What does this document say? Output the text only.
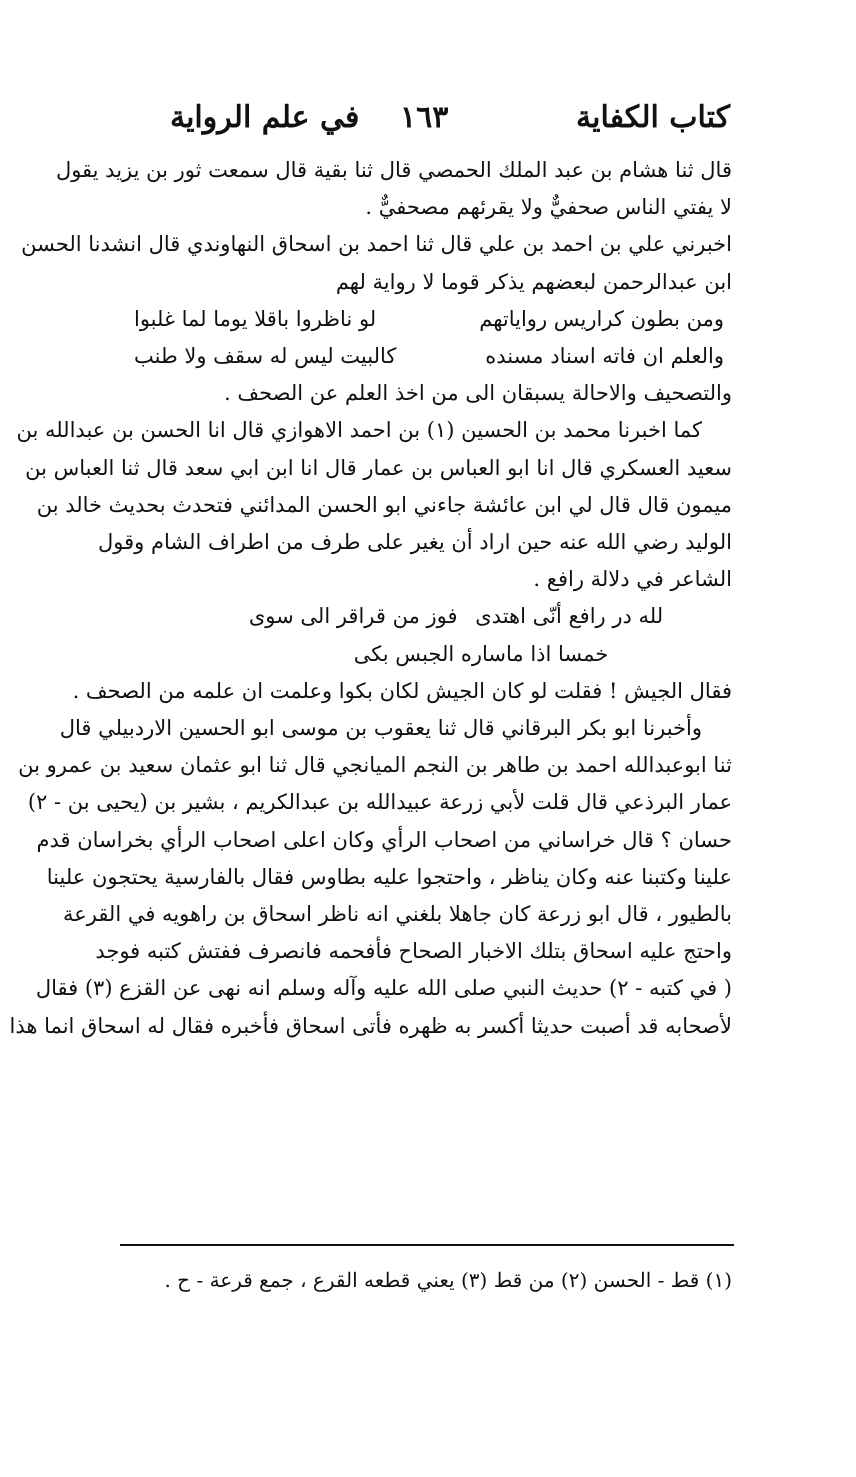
كتاب الكفاية
١٦٣
في علم الرواية
قال ثنا هشام بن عبد الملك الحمصي قال ثنا بقية قال سمعت ثور بن يزيد يقول
لا يفتي الناس صحفيٌّ ولا يقرئهم مصحفيٌّ .
اخبرني علي بن احمد بن علي قال ثنا احمد بن اسحاق النهاوندي قال انشدنا الحسن
ابن عبدالرحمن لبعضهم يذكر قوما لا رواية لهم
ومن بطون كراريس رواياتهم
لو ناظروا باقلا يوما لما غلبوا
والعلم ان فاته اسناد مسنده
كالبيت ليس له سقف ولا طنب
والتصحيف والاحالة يسبقان الى من اخذ العلم عن الصحف .
كما اخبرنا محمد بن الحسين (١) بن احمد الاهوازي قال انا الحسن بن عبدالله بن
سعيد العسكري قال انا ابو العباس بن عمار قال انا ابن ابي سعد قال ثنا العباس بن
ميمون قال قال لي ابن عائشة جاءني ابو الحسن المدائني فتحدث بحديث خالد بن
الوليد رضي الله عنه حين اراد أن يغير على طرف من اطراف الشام وقول
الشاعر في دلالة رافع .
لله در رافع أنّى اهتدى
فوز من قراقر الى سوى
خمسا اذا ماساره الجبس بكى
فقال الجيش ! فقلت لو كان الجيش لكان بكوا وعلمت ان علمه من الصحف .
وأخبرنا ابو بكر البرقاني قال ثنا يعقوب بن موسى ابو الحسين الاردبيلي قال
ثنا ابوعبدالله احمد بن طاهر بن النجم الميانجي قال ثنا ابو عثمان سعيد بن عمرو بن
عمار البرذعي قال قلت لأبي زرعة عبيدالله بن عبدالكريم ، بشير بن (يحيى بن - ٢)
حسان ؟ قال خراساني من اصحاب الرأي وكان اعلى اصحاب الرأي بخراسان قدم
علينا وكتبنا عنه وكان يناظر ، واحتجوا عليه بطاوس فقال بالفارسية يحتجون علينا
بالطيور ، قال ابو زرعة كان جاهلا بلغني انه ناظر اسحاق بن راهويه في القرعة
واحتج عليه اسحاق بتلك الاخبار الصحاح فأفحمه فانصرف ففتش كتبه فوجد
( في كتبه - ٢) حديث النبي صلى الله عليه وآله وسلم انه نهى عن القزع (٣) فقال
لأصحابه قد أصبت حديثا أكسر به ظهره فأتى اسحاق فأخبره فقال له اسحاق انما هذا
(١) قط - الحسن (٢) من قط (٣) يعني قطعه القرع ، جمع قرعة - ح .
